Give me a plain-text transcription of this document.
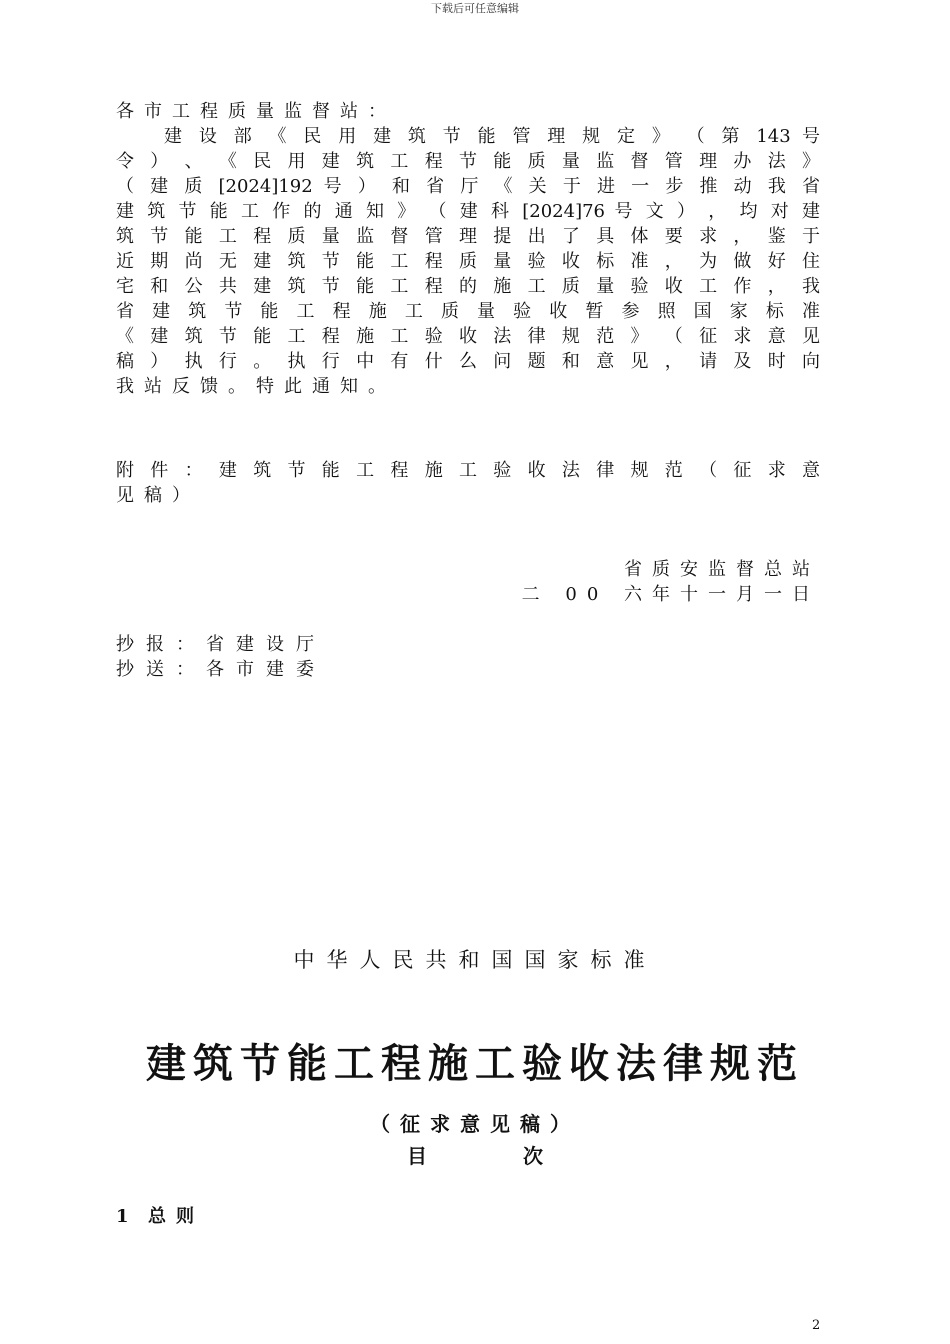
下载后可任意编辑
各市工程质量监督站：
建 设 部 《 民 用 建 筑 节 能 管 理 规 定 》 （ 第 143 号
令 ） 、 《 民 用 建 筑 工 程 节 能 质 量 监 督 管 理 办 法 》
（ 建 质 [2024]192 号 ） 和 省 厅 《 关 于 进 一 步 推 动 我 省
建 筑 节 能 工 作 的 通 知 》 （ 建 科 [2024]76 号 文 ） ， 均 对 建
筑 节 能 工 程 质 量 监 督 管 理 提 出 了 具 体 要 求 ， 鉴 于
近 期 尚 无 建 筑 节 能 工 程 质 量 验 收 标 准 ， 为 做 好 住
宅 和 公 共 建 筑 节 能 工 程 的 施 工 质 量 验 收 工 作 ， 我
省 建 筑 节 能 工 程 施 工 质 量 验 收 暂 参 照 国 家 标 准
《 建 筑 节 能 工 程 施 工 验 收 法 律 规 范 》 （ 征 求 意 见
稿 ） 执 行 。 执 行 中 有 什 么 问 题 和 意 见 ， 请 及 时 向
我站反馈。特此通知。
附 件 ： 建 筑 节 能 工 程 施 工 验 收 法 律 规 范 （ 征 求 意
见稿）
省质安监督总站
二 00 六年十一月一日
抄报：省建设厅
抄送：各市建委
中华人民共和国国家标准
建筑节能工程施工验收法律规范
（征求意见稿）
目	次
1 总则
2
